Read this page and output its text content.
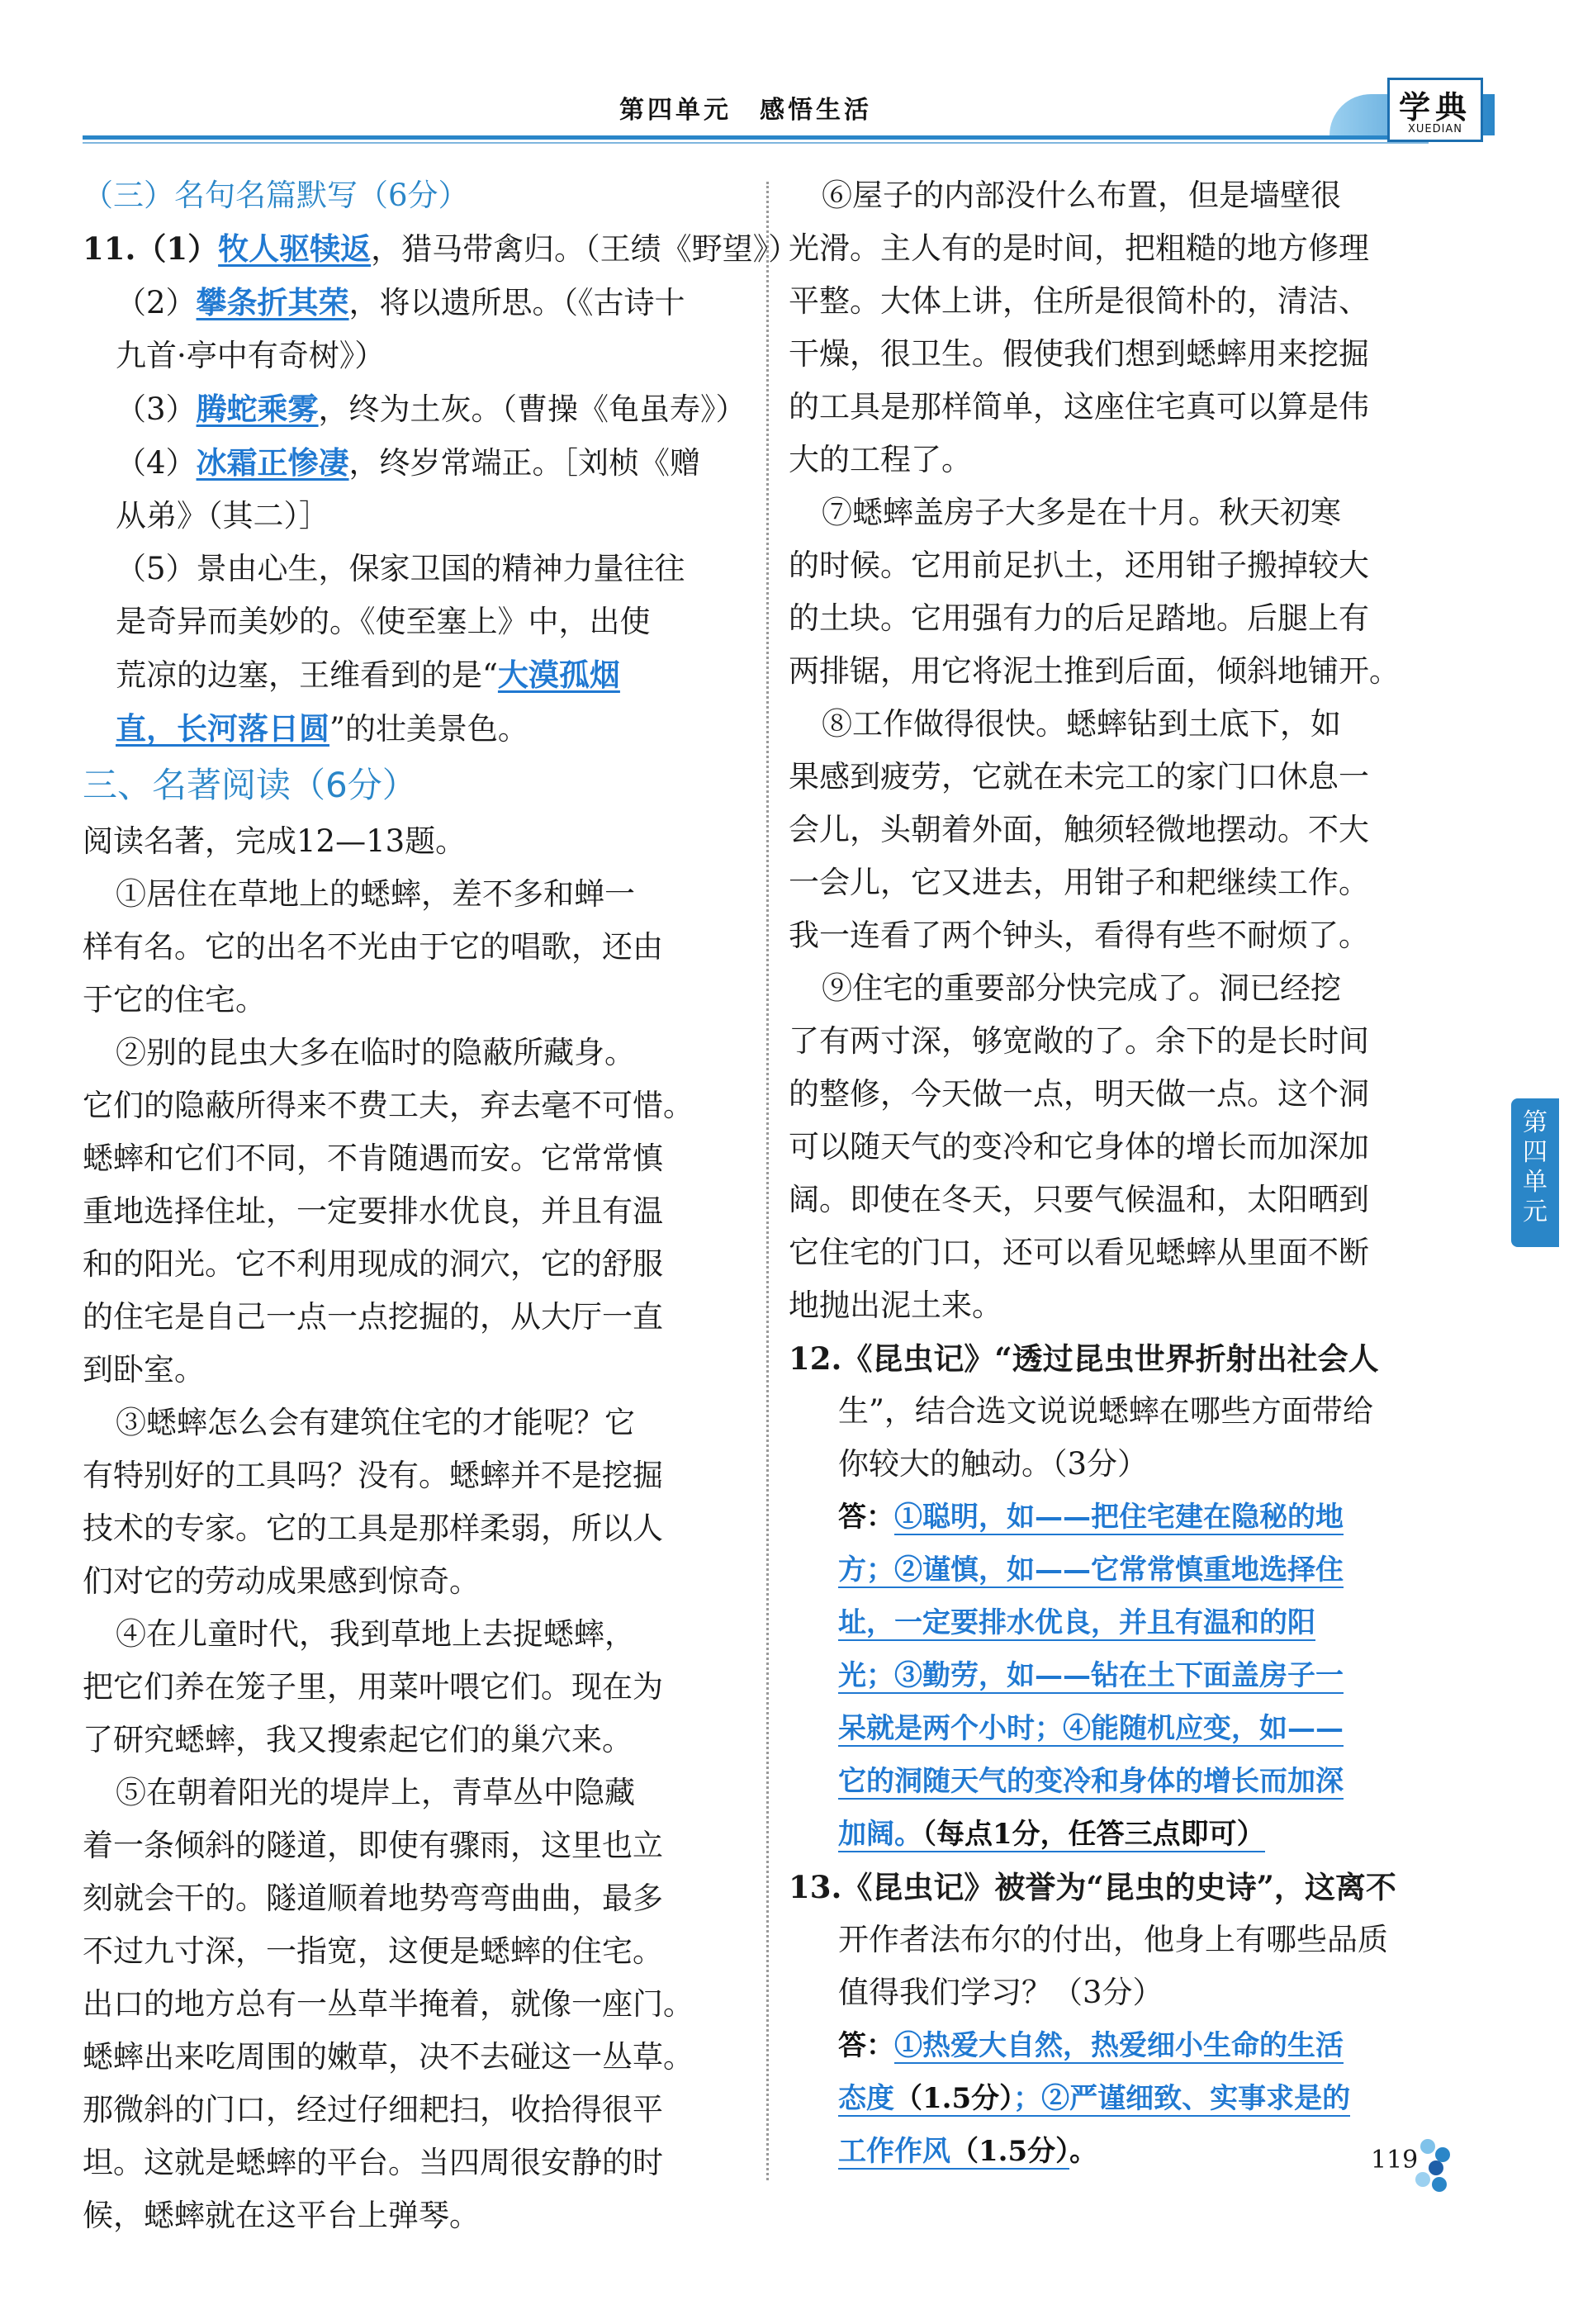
第四单元　感悟生活	学典
XUEDIAN
（三）名句名篇默写（6分）
11.（1）牧人驱犊返，猎马带禽归。（王绩《野望》）
（2）攀条折其荣，将以遗所思。（《古诗十
九首·亭中有奇树》）
（3）腾蛇乘雾，终为土灰。（曹操《龟虽寿》）
（4）冰霜正惨凄，终岁常端正。［刘桢《赠
从弟》（其二）］
（5）景由心生，保家卫国的精神力量往往
是奇异而美妙的。《使至塞上》中，出使
荒凉的边塞，王维看到的是“大漠孤烟
直，长河落日圆”的壮美景色。
三、名著阅读（6分）
阅读名著，完成12—13题。
①居住在草地上的蟋蟀，差不多和蝉一
样有名。它的出名不光由于它的唱歌，还由
于它的住宅。
②别的昆虫大多在临时的隐蔽所藏身。
它们的隐蔽所得来不费工夫，弃去毫不可惜。
蟋蟀和它们不同，不肯随遇而安。它常常慎
重地选择住址，一定要排水优良，并且有温
和的阳光。它不利用现成的洞穴，它的舒服
的住宅是自己一点一点挖掘的，从大厅一直
到卧室。
③蟋蟀怎么会有建筑住宅的才能呢？它
有特别好的工具吗？没有。蟋蟀并不是挖掘
技术的专家。它的工具是那样柔弱，所以人
们对它的劳动成果感到惊奇。
④在儿童时代，我到草地上去捉蟋蟀，
把它们养在笼子里，用菜叶喂它们。现在为
了研究蟋蟀，我又搜索起它们的巢穴来。
⑤在朝着阳光的堤岸上，青草丛中隐藏
着一条倾斜的隧道，即使有骤雨，这里也立
刻就会干的。隧道顺着地势弯弯曲曲，最多
不过九寸深，一指宽，这便是蟋蟀的住宅。
出口的地方总有一丛草半掩着，就像一座门。
蟋蟀出来吃周围的嫩草，决不去碰这一丛草。
那微斜的门口，经过仔细耙扫，收拾得很平
坦。这就是蟋蟀的平台。当四周很安静的时
候，蟋蟀就在这平台上弹琴。
⑥屋子的内部没什么布置，但是墙壁很
光滑。主人有的是时间，把粗糙的地方修理
平整。大体上讲，住所是很简朴的，清洁、
干燥，很卫生。假使我们想到蟋蟀用来挖掘
的工具是那样简单，这座住宅真可以算是伟
大的工程了。
⑦蟋蟀盖房子大多是在十月。秋天初寒
的时候。它用前足扒土，还用钳子搬掉较大
的土块。它用强有力的后足踏地。后腿上有
两排锯，用它将泥土推到后面，倾斜地铺开。
⑧工作做得很快。蟋蟀钻到土底下，如
果感到疲劳，它就在未完工的家门口休息一
会儿，头朝着外面，触须轻微地摆动。不大
一会儿，它又进去，用钳子和耙继续工作。
我一连看了两个钟头，看得有些不耐烦了。
⑨住宅的重要部分快完成了。洞已经挖
了有两寸深，够宽敞的了。余下的是长时间
的整修，今天做一点，明天做一点。这个洞
可以随天气的变冷和它身体的增长而加深加
阔。即使在冬天，只要气候温和，太阳晒到
它住宅的门口，还可以看见蟋蟀从里面不断
地抛出泥土来。
12.《昆虫记》“透过昆虫世界折射出社会人
生”，结合选文说说蟋蟀在哪些方面带给
你较大的触动。（3分）
答：①聪明，如——把住宅建在隐秘的地
方；②谨慎，如——它常常慎重地选择住
址，一定要排水优良，并且有温和的阳
光；③勤劳，如——钻在土下面盖房子一
呆就是两个小时；④能随机应变，如——
它的洞随天气的变冷和身体的增长而加深
加阔。（每点1分，任答三点即可）
13.《昆虫记》被誉为“昆虫的史诗”，这离不
开作者法布尔的付出，他身上有哪些品质
值得我们学习？（3分）
答：①热爱大自然，热爱细小生命的生活
态度（1.5分）；②严谨细致、实事求是的
工作作风（1.5分）。
第
四
单
元
119
